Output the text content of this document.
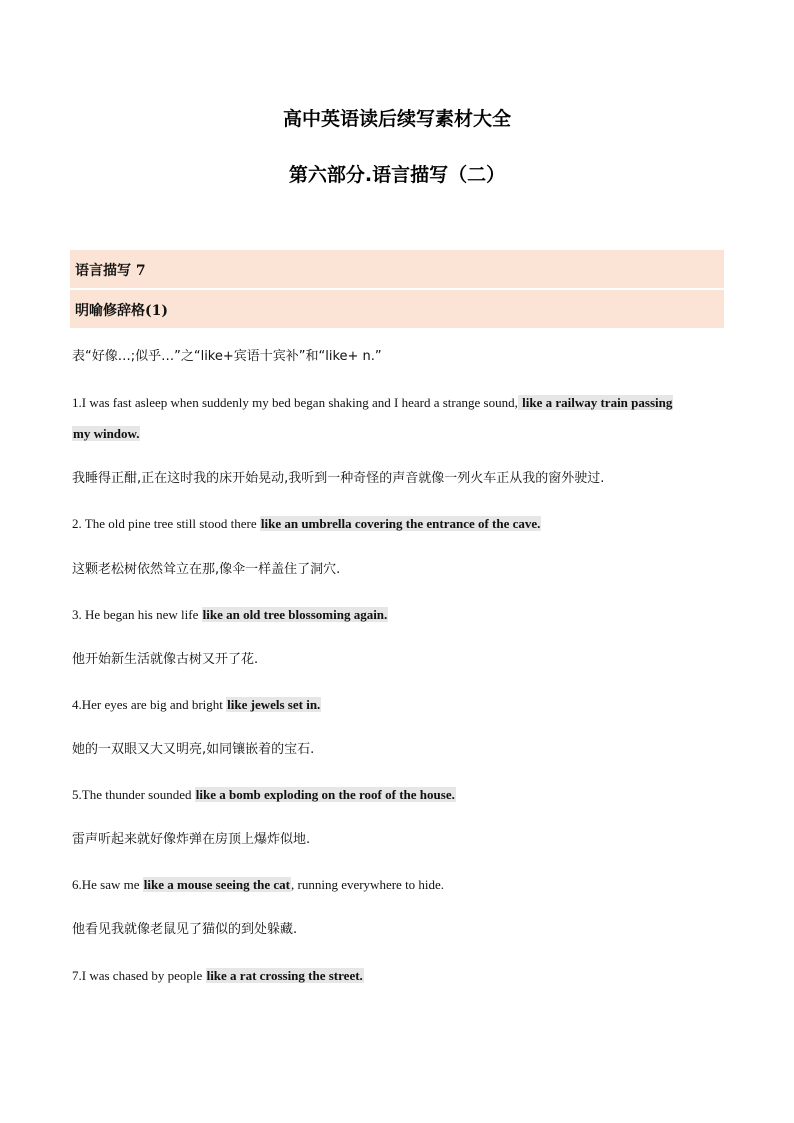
高中英语读后续写素材大全
第六部分.语言描写（二）
语言描写 7
明喻修辞格(1)
表“好像…;似乎…”之“like+宾语十宾补”和“like+ n.”
1.I was fast asleep when suddenly my bed began shaking and I heard a strange sound, like a railway train passing
my window.
我睡得正酣,正在这时我的床开始晃动,我听到一种奇怪的声音就像一列火车正从我的窗外驶过.
2. The old pine tree still stood there like an umbrella covering the entrance of the cave.
这颗老松树依然耸立在那,像伞一样盖住了洞穴.
3. He began his new life like an old tree blossoming again.
他开始新生活就像古树又开了花.
4.Her eyes are big and bright like jewels set in.
她的一双眼又大又明亮,如同镶嵌着的宝石.
5.The thunder sounded like a bomb exploding on the roof of the house.
雷声听起来就好像炸弹在房顶上爆炸似地.
6.He saw me like a mouse seeing the cat, running everywhere to hide.
他看见我就像老鼠见了猫似的到处躲藏.
7.I was chased by people like a rat crossing the street.
